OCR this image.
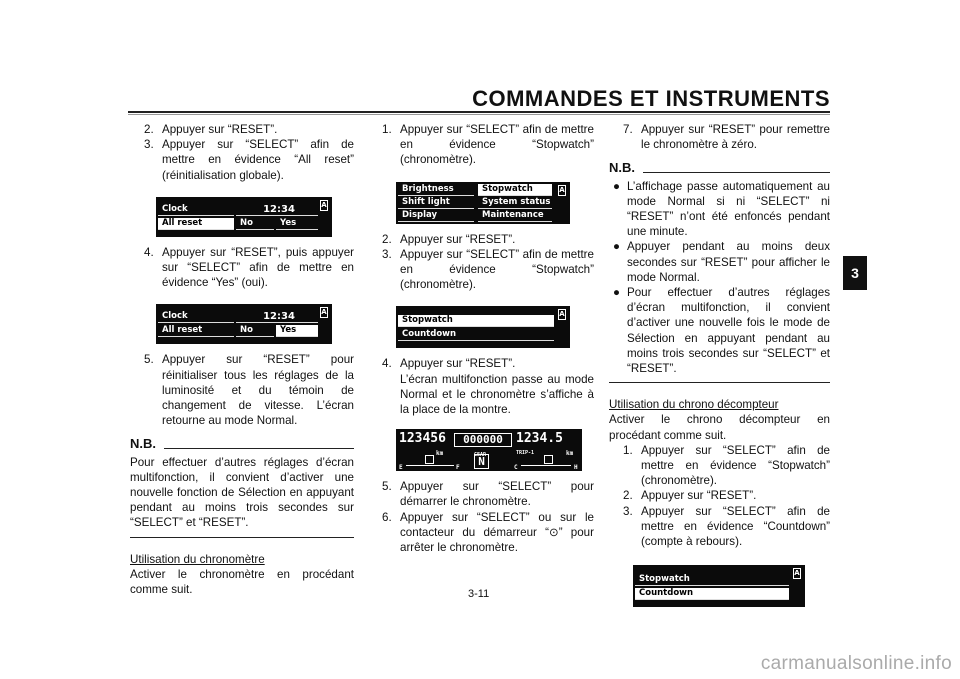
COMMANDES ET INSTRUMENTS
3
2. Appuyer sur “RESET”.
3. Appuyer sur “SELECT” afin de mettre en évidence “All reset” (réinitialisation globale).
Clock	12:34
All reset	No	Yes
A
4. Appuyer sur “RESET”, puis appuyer sur “SELECT” afin de mettre en évidence “Yes” (oui).
Clock	12:34
All reset	No	Yes
A
5. Appuyer sur “RESET” pour réinitialiser tous les réglages de la luminosité et du témoin de changement de vitesse. L’écran retourne au mode Normal.
N.B.
Pour effectuer d’autres réglages d’écran multifonction, il convient d’activer une nouvelle fonction de Sélection en appuyant pendant au moins trois secondes sur “SELECT” et “RESET”.
Utilisation du chronomètre
Activer le chronomètre en procédant comme suit.
1. Appuyer sur “SELECT” afin de mettre en évidence “Stopwatch” (chronomètre).
Brightness	Stopwatch
Shift light	System status
Display	Maintenance
A
2. Appuyer sur “RESET”.
3. Appuyer sur “SELECT” afin de mettre en évidence “Stopwatch” (chronomètre).
Stopwatch
Countdown
A
4. Appuyer sur “RESET”.
L’écran multifonction passe au mode Normal et le chronomètre s’affiche à la place de la montre.
123456
km
000000
GEAR
N
1234.5
TRIP-1	km
E	F	C	H
5. Appuyer sur “SELECT” pour démarrer le chronomètre.
6. Appuyer sur “SELECT” ou sur le contacteur du démarreur “⊙” pour arrêter le chronomètre.
7. Appuyer sur “RESET” pour remettre le chronomètre à zéro.
N.B.
● L’affichage passe automatiquement au mode Normal si ni “SELECT” ni “RESET” n’ont été enfoncés pendant une minute.
● Appuyer pendant au moins deux secondes sur “RESET” pour afficher le mode Normal.
● Pour effectuer d’autres réglages d’écran multifonction, il convient d’activer une nouvelle fois le mode de Sélection en appuyant pendant au moins trois secondes sur “SELECT” et “RESET”.
Utilisation du chrono décompteur
Activer le chrono décompteur en procédant comme suit.
1. Appuyer sur “SELECT” afin de mettre en évidence “Stopwatch” (chronomètre).
2. Appuyer sur “RESET”.
3. Appuyer sur “SELECT” afin de mettre en évidence “Countdown” (compte à rebours).
Stopwatch
Countdown
A
3-11
carmanualsonline.info
